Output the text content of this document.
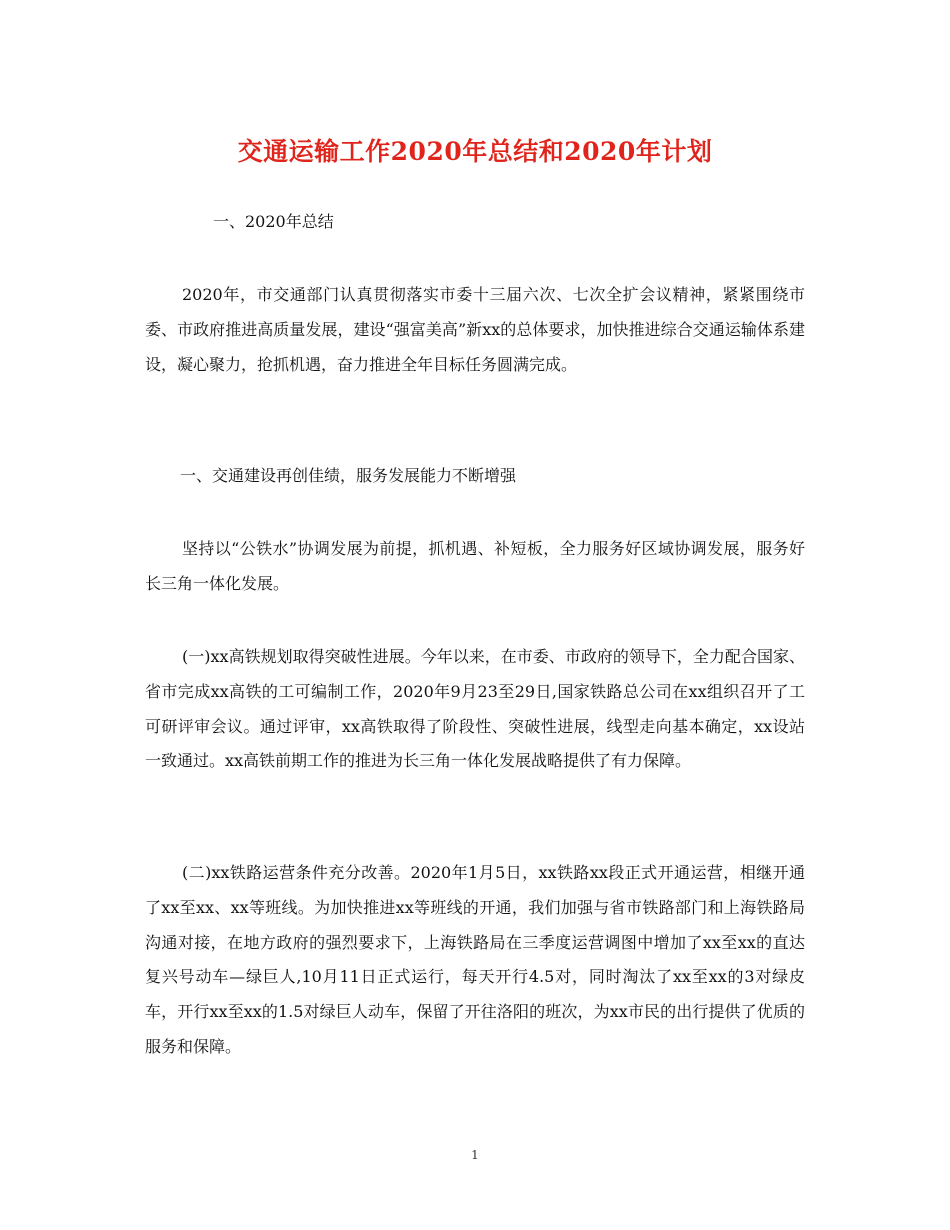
交通运输工作2020年总结和2020年计划

一、2020年总结

2020年，市交通部门认真贯彻落实市委十三届六次、七次全扩会议精神，紧紧围绕市委、市政府推进高质量发展，建设“强富美高”新xx的总体要求，加快推进综合交通运输体系建设，凝心聚力，抢抓机遇，奋力推进全年目标任务圆满完成。

一、交通建设再创佳绩，服务发展能力不断增强

坚持以“公铁水”协调发展为前提，抓机遇、补短板，全力服务好区域协调发展，服务好长三角一体化发展。

(一)xx高铁规划取得突破性进展。今年以来，在市委、市政府的领导下，全力配合国家、省市完成xx高铁的工可编制工作，2020年9月23至29日,国家铁路总公司在xx组织召开了工可研评审会议。通过评审，xx高铁取得了阶段性、突破性进展，线型走向基本确定，xx设站一致通过。xx高铁前期工作的推进为长三角一体化发展战略提供了有力保障。

(二)xx铁路运营条件充分改善。2020年1月5日，xx铁路xx段正式开通运营，相继开通了xx至xx、xx等班线。为加快推进xx等班线的开通，我们加强与省市铁路部门和上海铁路局沟通对接，在地方政府的强烈要求下，上海铁路局在三季度运营调图中增加了xx至xx的直达复兴号动车—绿巨人,10月11日正式运行，每天开行4.5对，同时淘汰了xx至xx的3对绿皮车，开行xx至xx的1.5对绿巨人动车，保留了开往洛阳的班次，为xx市民的出行提供了优质的服务和保障。

1
